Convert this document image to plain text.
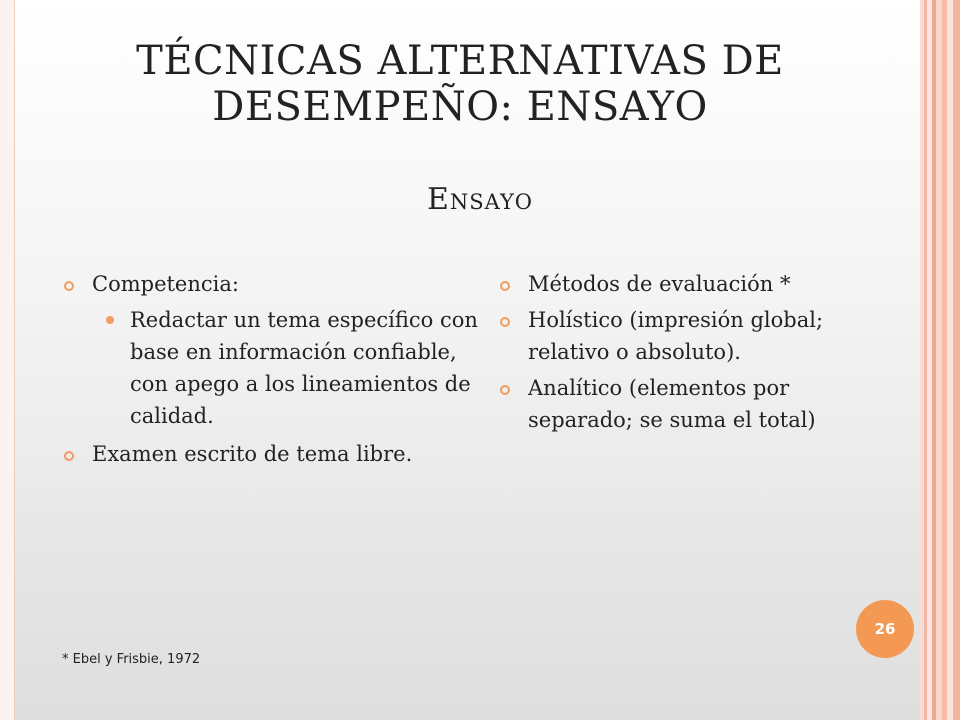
TÉCNICAS ALTERNATIVAS DE
DESEMPEÑO: ENSAYO
Ensayo
Competencia:
Redactar un tema específico con base en información confiable, con apego a los lineamientos de calidad.
Examen escrito de tema libre.
Métodos de evaluación *
Holístico (impresión global; relativo o absoluto).
Analítico (elementos por separado; se suma el total)
* Ebel y Frisbie, 1972
26
